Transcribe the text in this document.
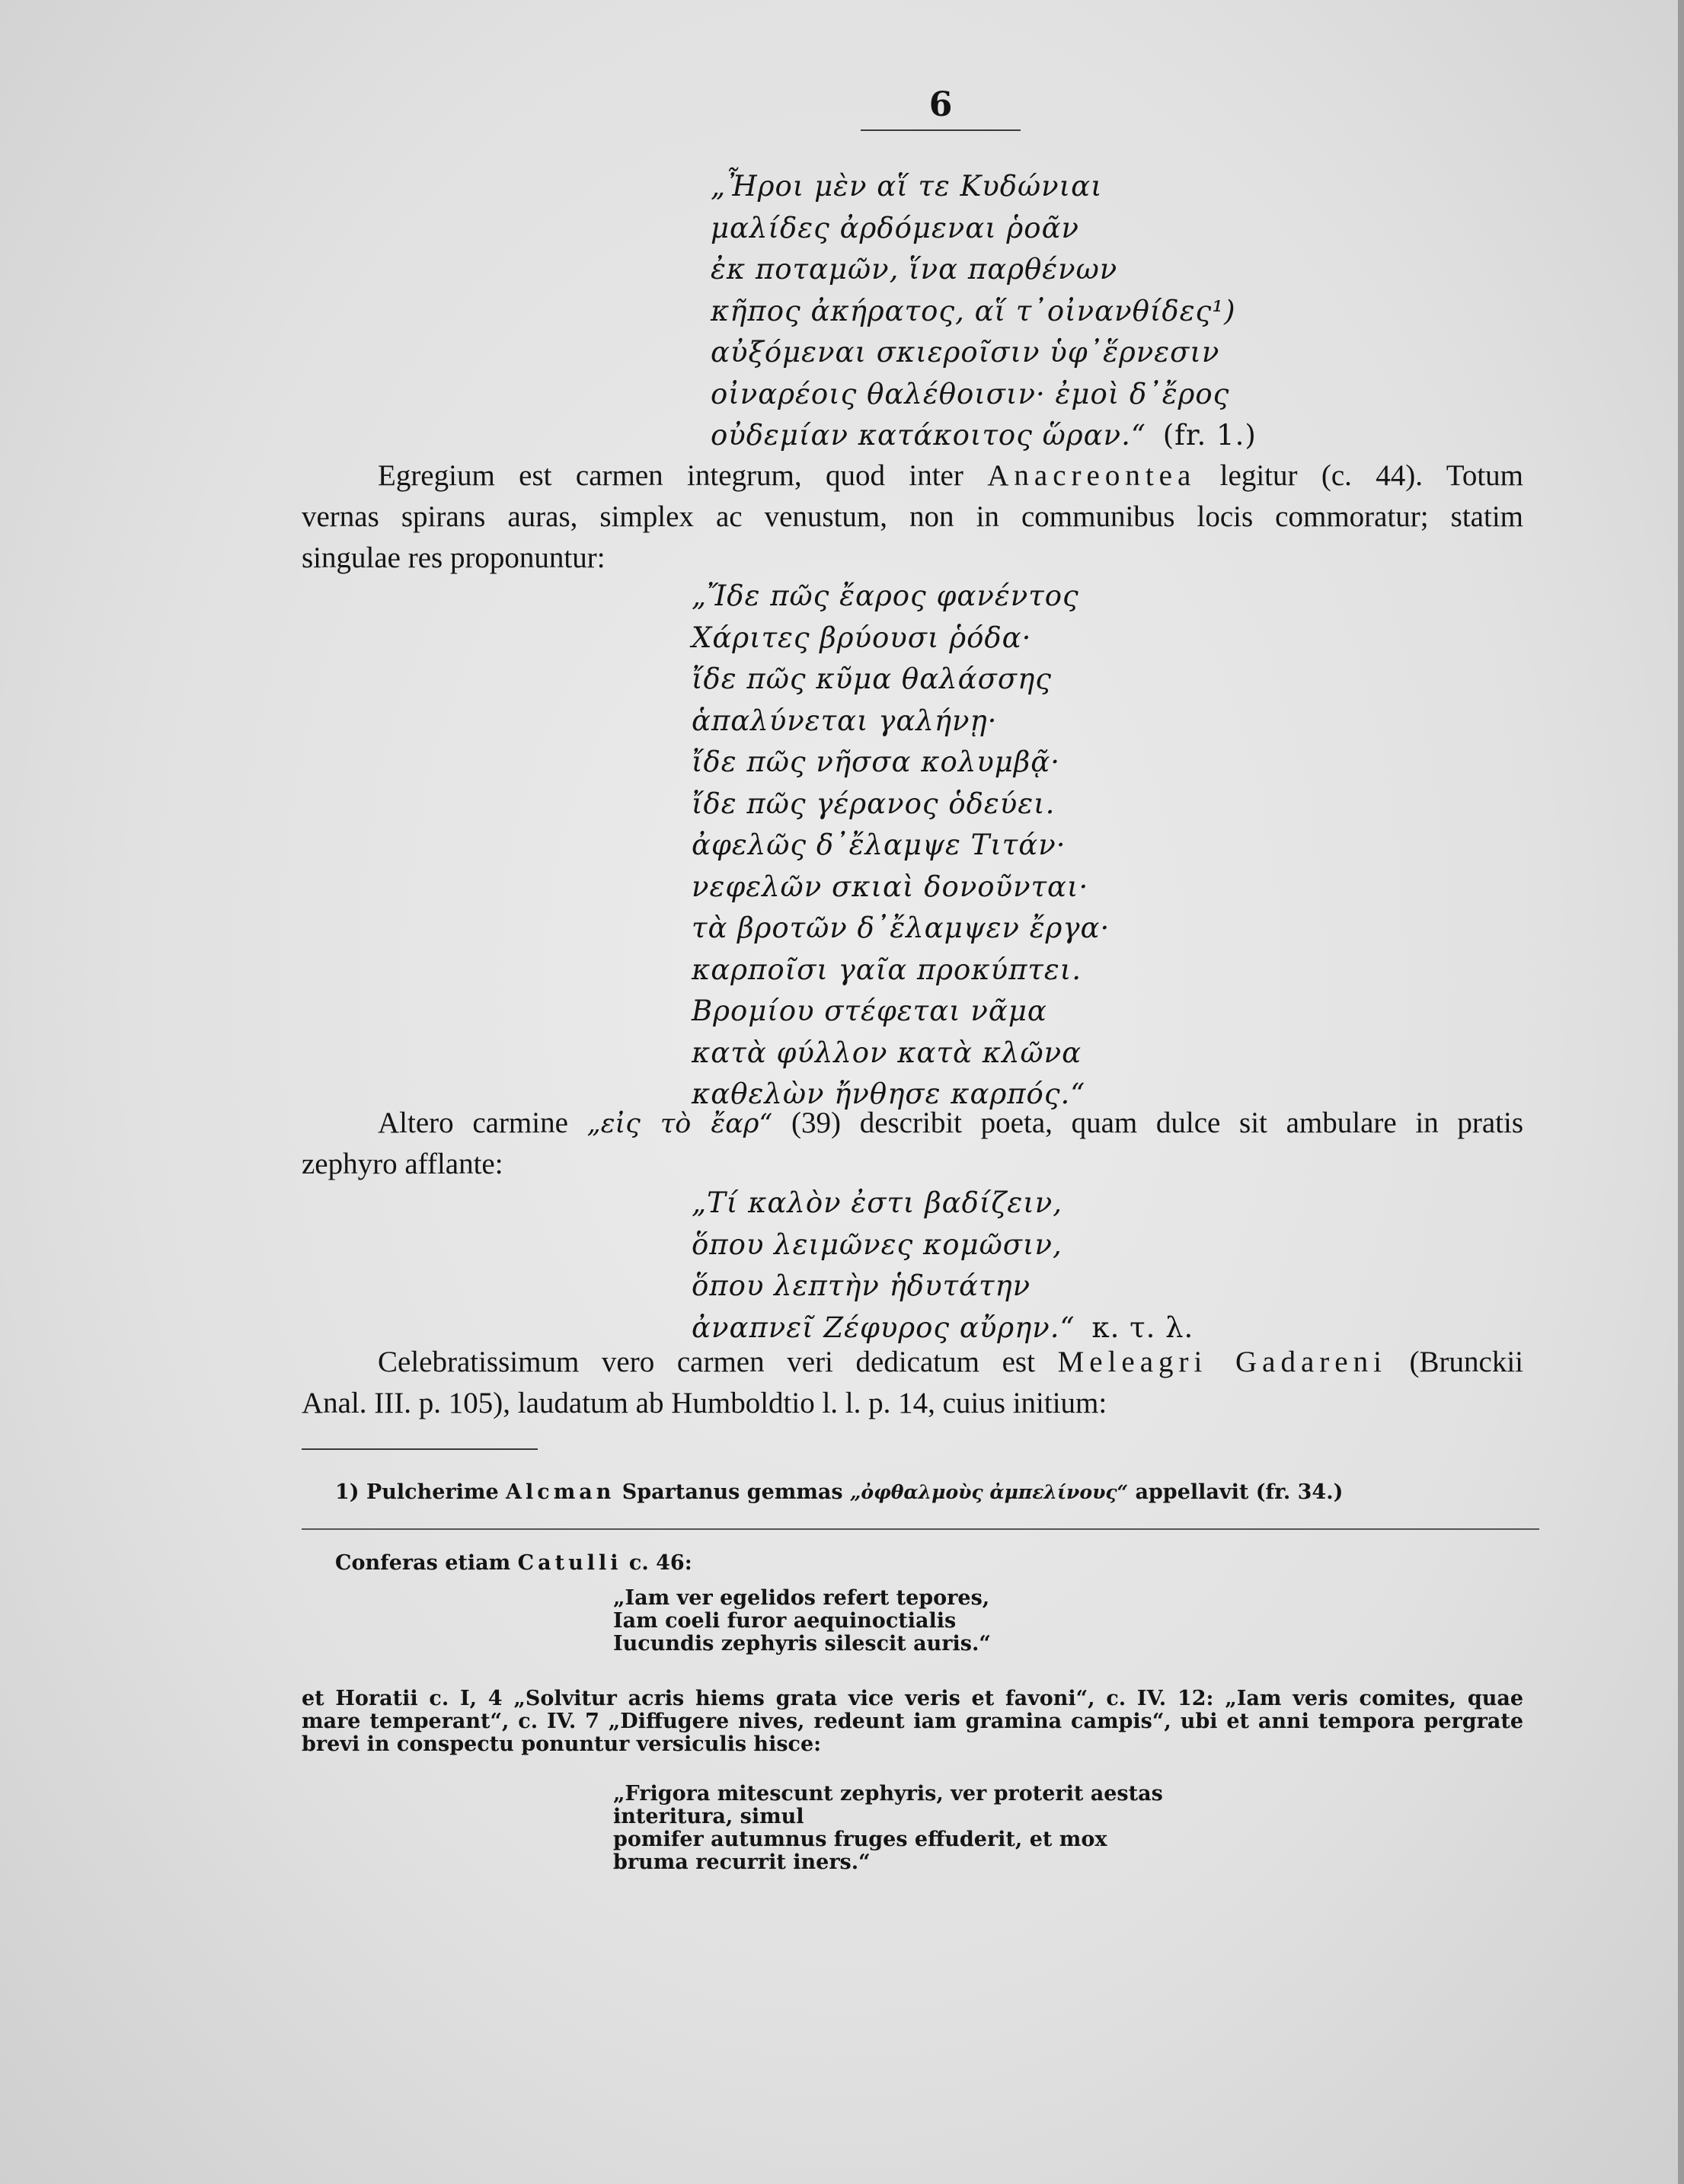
6
„Ἦροι μὲν αἵ τε Κυδώνιαι
μαλίδες ἀρδόμεναι ῥοᾶν
ἐκ ποταμῶν, ἵνα παρθένων
κῆπος ἀκήρατος, αἵ τ᾽οἰνανθίδες¹)
αὐξόμεναι σκιεροῖσιν ὑφ᾽ἕρνεσιν
οἰναρέοις θαλέθοισιν· ἐμοὶ δ᾽ἔρος
οὐδεμίαν κατάκοιτος ὥραν.“ (fr. 1.)
Egregium est carmen integrum, quod inter Anacreontea legitur (c. 44). Totum
vernas spirans auras, simplex ac venustum, non in communibus locis commoratur; statim
singulae res proponuntur:
„Ἴδε πῶς ἔαρος φανέντος
Χάριτες βρύουσι ῥόδα·
ἴδε πῶς κῦμα θαλάσσης
ἁπαλύνεται γαλήνῃ·
ἴδε πῶς νῆσσα κολυμβᾷ·
ἴδε πῶς γέρανος ὁδεύει.
ἀφελῶς δ᾽ἔλαμψε Τιτάν·
νεφελῶν σκιαὶ δονοῦνται·
τὰ βροτῶν δ᾽ἔλαμψεν ἔργα·
καρποῖσι γαῖα προκύπτει.
Βρομίου στέφεται νᾶμα
κατὰ φύλλον κατὰ κλῶνα
καθελὼν ἤνθησε καρπός.“
Altero carmine „εἰς τὸ ἔαρ“ (39) describit poeta, quam dulce sit ambulare in pratis
zephyro afflante:
„Τί καλὸν ἐστι βαδίζειν,
ὅπου λειμῶνες κομῶσιν,
ὅπου λεπτὴν ἡδυτάτην
ἀναπνεῖ Ζέφυρος αὔρην.“ κ. τ. λ.
Celebratissimum vero carmen veri dedicatum est Meleagri Gadareni (Brunckii
Anal. III. p. 105), laudatum ab Humboldtio l. l. p. 14, cuius initium:
1) Pulcherime Alcman Spartanus gemmas „ὀφθαλμοὺς ἀμπελίνους“ appellavit (fr. 34.)
Conferas etiam Catulli c. 46:
„Iam ver egelidos refert tepores,
Iam coeli furor aequinoctialis
Iucundis zephyris silescit auris.“
et Horatii c. I, 4 „Solvitur acris hiems grata vice veris et favoni“, c. IV. 12: „Iam veris comites, quae
mare temperant“, c. IV. 7 „Diffugere nives, redeunt iam gramina campis“, ubi et anni tempora pergrate
brevi in conspectu ponuntur versiculis hisce:
„Frigora mitescunt zephyris, ver proterit aestas
interitura, simul
pomifer autumnus fruges effuderit, et mox
bruma recurrit iners.“
